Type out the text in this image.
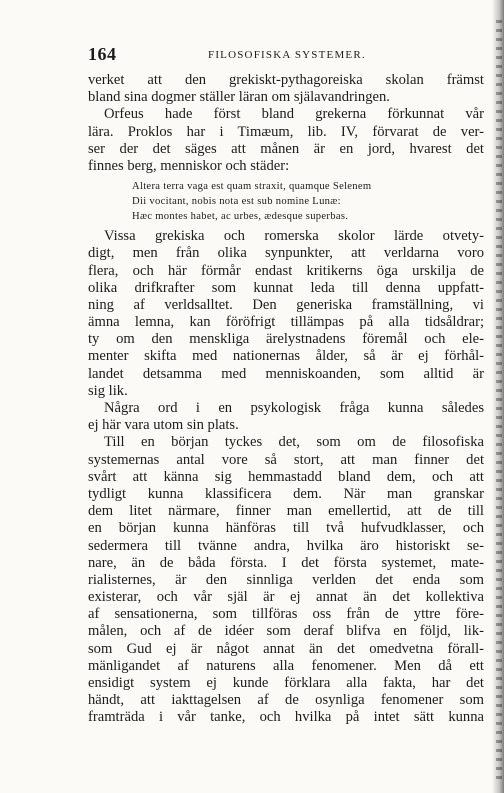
164	FILOSOFISKA SYSTEMER.
verket att den grekiskt-pythagoreiska skolan främst
bland sina dogmer ställer läran om själavandringen.
Orfeus hade först bland grekerna förkunnat vår
lära. Proklos har i Timæum, lib. IV, förvarat de ver-
ser der det säges att månen är en jord, hvarest det
finnes berg, menniskor och städer:
Altera terra vaga est quam straxit, quamque Selenem
Dii vocitant, nobis nota est sub nomine Lunæ:
Hæc montes habet, ac urbes, ædesque superbas.
Vissa grekiska och romerska skolor lärde otvety-
digt, men från olika synpunkter, att verldarna voro
flera, och här förmår endast kritikerns öga urskilja de
olika drifkrafter som kunnat leda till denna uppfatt-
ning af verldsalltet. Den generiska framställning, vi
ämna lemna, kan föröfrigt tillämpas på alla tidsåldrar;
ty om den menskliga ärelystnadens föremål och ele-
menter skifta med nationernas ålder, så är ej förhål-
landet detsamma med menniskoanden, som alltid är
sig lik.
Några ord i en psykologisk fråga kunna således
ej här vara utom sin plats.
Till en början tyckes det, som om de filosofiska
systemernas antal vore så stort, att man finner det
svårt att känna sig hemmastadd bland dem, och att
tydligt kunna klassificera dem. När man granskar
dem litet närmare, finner man emellertid, att de till
en början kunna hänföras till två hufvudklasser, och
sedermera till tvänne andra, hvilka äro historiskt se-
nare, än de båda första. I det första systemet, mate-
rialisternes, är den sinnliga verlden det enda som
existerar, och vår själ är ej annat än det kollektiva
af sensationerna, som tillföras oss från de yttre före-
målen, och af de idéer som deraf blifva en följd, lik-
som Gud ej är något annat än det omedvetna förall-
mänligandet af naturens alla fenomener. Men då ett
ensidigt system ej kunde förklara alla fakta, har det
händt, att iakttagelsen af de osynliga fenomener som
framträda i vår tanke, och hvilka på intet sätt kunna
